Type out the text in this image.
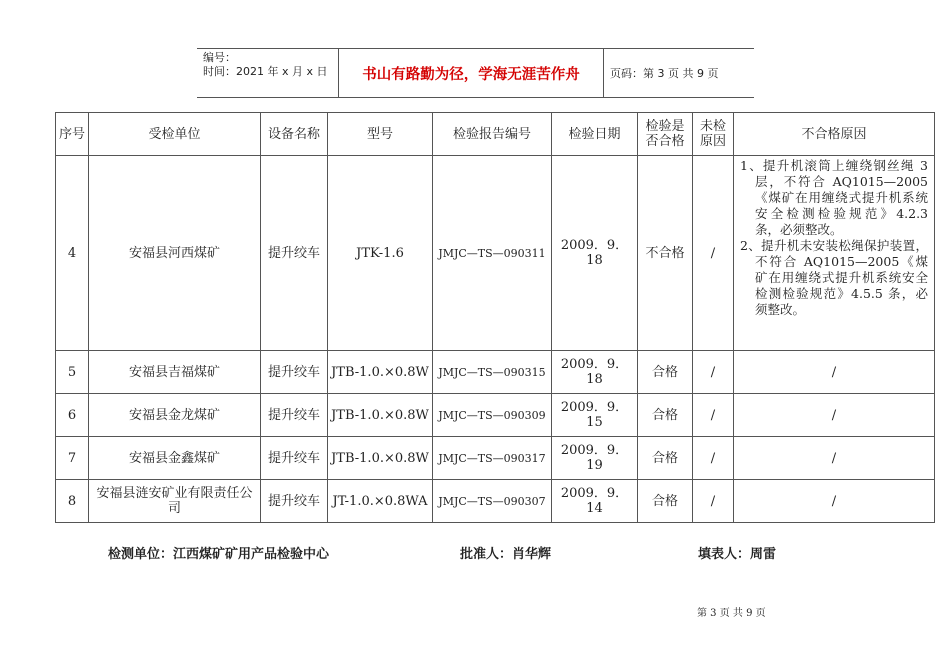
编号：
时间：2021 年 x 月 x 日	书山有路勤为径，学海无涯苦作舟	页码：第 3 页 共 9 页
序号	受检单位	设备名称	型号	检验报告编号	检验日期	检验是否合格	未检原因	不合格原因
4	安福县河西煤矿	提升绞车	JTK-1.6	JMJC—TS—090311	2009．9．18	不合格	/	1、提升机滚筒上缠绕钢丝绳 3 层，不符合 AQ1015—2005《煤矿在用缠绕式提升机系统安全检测检验规范》4.2.3 条，必须整改。
2、提升机未安装松绳保护装置，不符合 AQ1015—2005《煤矿在用缠绕式提升机系统安全检测检验规范》4.5.5 条，必须整改。

5	安福县吉福煤矿	提升绞车	JTB-1.0.×0.8W	JMJC—TS—090315	2009．9．18	合格	/	/
6	安福县金龙煤矿	提升绞车	JTB-1.0.×0.8W	JMJC—TS—090309	2009．9．15	合格	/	/
7	安福县金鑫煤矿	提升绞车	JTB-1.0.×0.8W	JMJC—TS—090317	2009．9．19	合格	/	/
8	安福县涟安矿业有限责任公司	提升绞车	JT-1.0.×0.8WA	JMJC—TS—090307	2009．9．14	合格	/	/
检测单位：江西煤矿矿用产品检验中心	批准人：肖华辉	填表人：周雷
第 3 页 共 9 页
